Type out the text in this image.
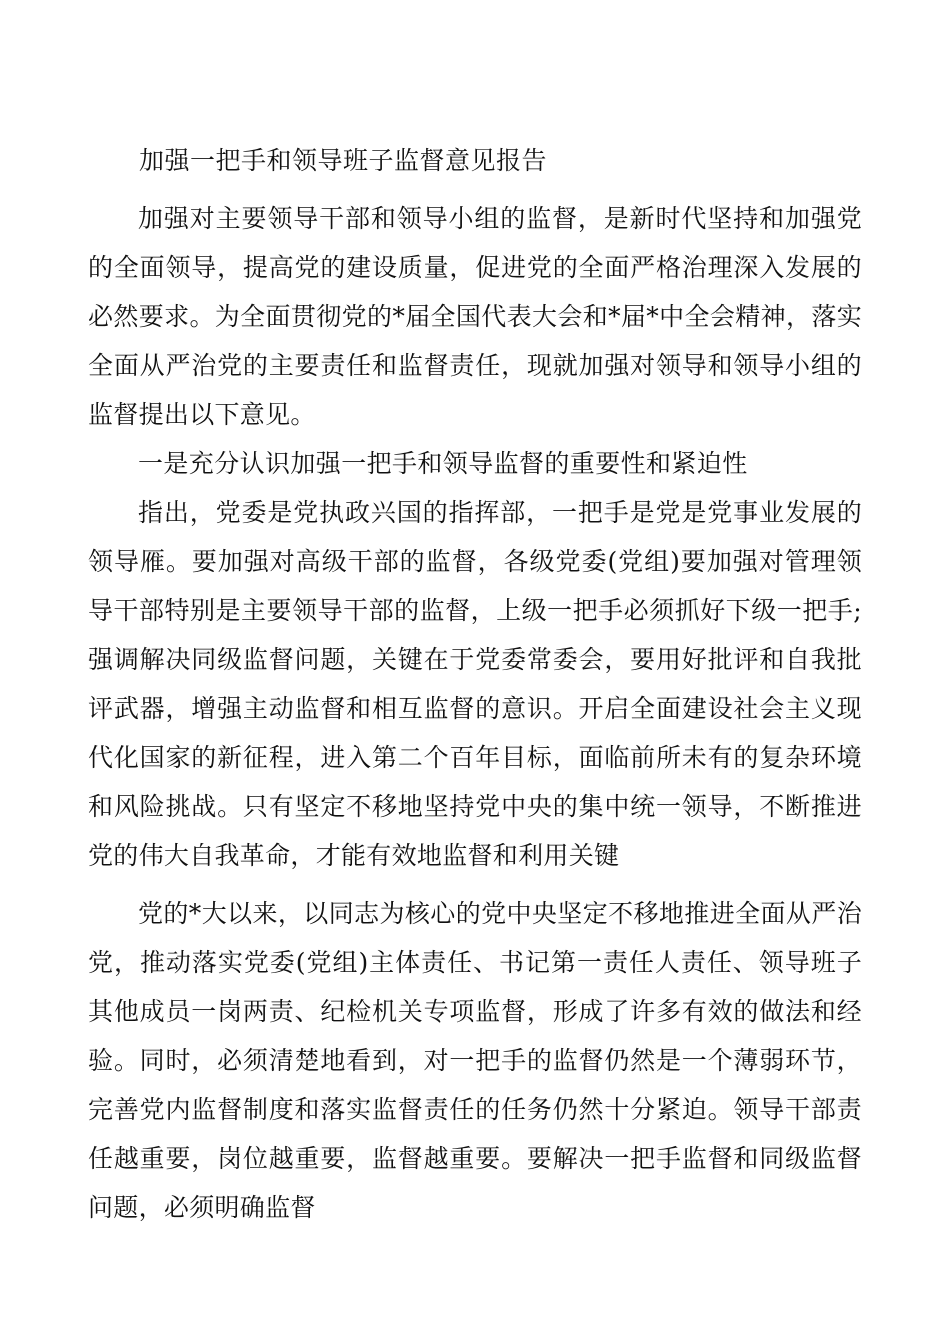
加强一把手和领导班子监督意见报告

加强对主要领导干部和领导小组的监督，是新时代坚持和加强党的全面领导，提高党的建设质量，促进党的全面严格治理深入发展的必然要求。为全面贯彻党的*届全国代表大会和*届*中全会精神，落实全面从严治党的主要责任和监督责任，现就加强对领导和领导小组的监督提出以下意见。

一是充分认识加强一把手和领导监督的重要性和紧迫性

指出，党委是党执政兴国的指挥部，一把手是党是党事业发展的领导雁。要加强对高级干部的监督，各级党委(党组)要加强对管理领导干部特别是主要领导干部的监督，上级一把手必须抓好下级一把手;强调解决同级监督问题，关键在于党委常委会，要用好批评和自我批评武器，增强主动监督和相互监督的意识。开启全面建设社会主义现代化国家的新征程，进入第二个百年目标，面临前所未有的复杂环境和风险挑战。只有坚定不移地坚持党中央的集中统一领导，不断推进党的伟大自我革命，才能有效地监督和利用关键

党的*大以来，以同志为核心的党中央坚定不移地推进全面从严治党，推动落实党委(党组)主体责任、书记第一责任人责任、领导班子其他成员一岗两责、纪检机关专项监督，形成了许多有效的做法和经验。同时，必须清楚地看到，对一把手的监督仍然是一个薄弱环节，完善党内监督制度和落实监督责任的任务仍然十分紧迫。领导干部责任越重要，岗位越重要，监督越重要。要解决一把手监督和同级监督问题，必须明确监督
